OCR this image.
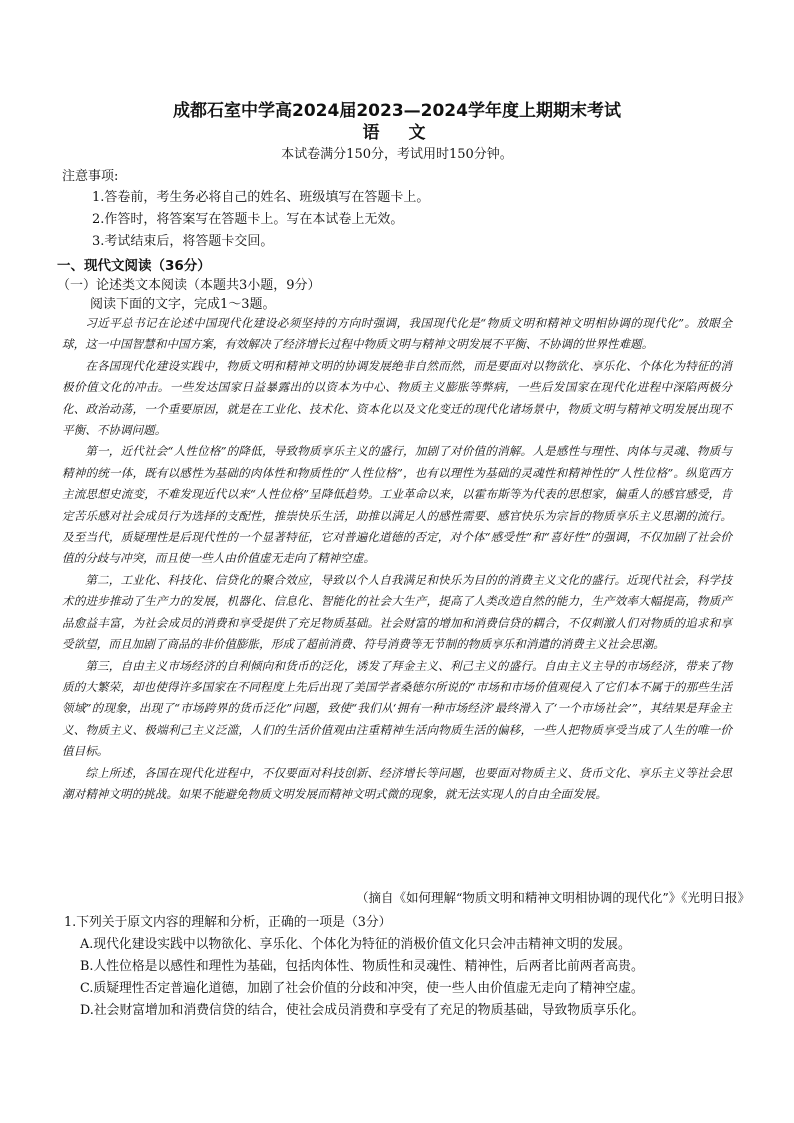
成都石室中学高2024届2023—2024学年度上期期末考试
语　文
本试卷满分150分，考试用时150分钟。
注意事项:
1.答卷前，考生务必将自己的姓名、班级填写在答题卡上。
2.作答时，将答案写在答题卡上。写在本试卷上无效。
3.考试结束后，将答题卡交回。
一、现代文阅读（36分）
（一）论述类文本阅读（本题共3小题，9分）
阅读下面的文字，完成1～3题。

习近平总书记在论述中国现代化建设必须坚持的方向时强调，我国现代化是“物质文明和精神文明相协调的现代化”。放眼全球，这一中国智慧和中国方案，有效解决了经济增长过程中物质文明与精神文明发展不平衡、不协调的世界性难题。

在各国现代化建设实践中，物质文明和精神文明的协调发展绝非自然而然，而是要面对以物欲化、享乐化、个体化为特征的消极价值文化的冲击。一些发达国家日益暴露出的以资本为中心、物质主义膨胀等弊病，一些后发国家在现代化进程中深陷两极分化、政治动荡，一个重要原因，就是在工业化、技术化、资本化以及文化变迁的现代化诸场景中，物质文明与精神文明发展出现不平衡、不协调问题。

第一，近代社会“人性位格”的降低，导致物质享乐主义的盛行，加剧了对价值的消解。人是感性与理性、肉体与灵魂、物质与精神的统一体，既有以感性为基础的肉体性和物质性的“人性位格”，也有以理性为基础的灵魂性和精神性的“人性位格”。纵览西方主流思想史流变，不难发现近代以来“人性位格”呈降低趋势。工业革命以来，以霍布斯等为代表的思想家，偏重人的感官感受，肯定苦乐感对社会成员行为选择的支配性，推崇快乐生活，助推以满足人的感性需要、感官快乐为宗旨的物质享乐主义思潮的流行。及至当代，质疑理性是后现代性的一个显著特征，它对普遍化道德的否定，对个体“感受性”和“喜好性”的强调，不仅加剧了社会价值的分歧与冲突，而且使一些人由价值虚无走向了精神空虚。

第二，工业化、科技化、信贷化的聚合效应，导致以个人自我满足和快乐为目的的消费主义文化的盛行。近现代社会，科学技术的进步推动了生产力的发展，机器化、信息化、智能化的社会大生产，提高了人类改造自然的能力，生产效率大幅提高，物质产品愈益丰富，为社会成员的消费和享受提供了充足物质基础。社会财富的增加和消费信贷的耦合，不仅刺激人们对物质的追求和享受欲望，而且加剧了商品的非价值膨胀，形成了超前消费、符号消费等无节制的物质享乐和消遣的消费主义社会思潮。

第三，自由主义市场经济的自利倾向和货币的泛化，诱发了拜金主义、利己主义的盛行。自由主义主导的市场经济，带来了物质的大繁荣，却也使得许多国家在不同程度上先后出现了美国学者桑德尔所说的“市场和市场价值观侵入了它们本不属于的那些生活领域”的现象，出现了“市场跨界的货币泛化”问题，致使“我们从‘拥有一种市场经济’最终滑入了‘一个市场社会’”，其结果是拜金主义、物质主义、极端利己主义泛滥，人们的生活价值观由注重精神生活向物质生活的偏移，一些人把物质享受当成了人生的唯一价值目标。

综上所述，各国在现代化进程中，不仅要面对科技创新、经济增长等问题，也要面对物质主义、货币文化、享乐主义等社会思潮对精神文明的挑战。如果不能避免物质文明发展而精神文明式微的现象，就无法实现人的自由全面发展。

（摘自《如何理解“物质文明和精神文明相协调的现代化”》《光明日报》
1.下列关于原文内容的理解和分析，正确的一项是（3分）
A.现代化建设实践中以物欲化、享乐化、个体化为特征的消极价值文化只会冲击精神文明的发展。
B.人性位格是以感性和理性为基础，包括肉体性、物质性和灵魂性、精神性，后两者比前两者高贵。
C.质疑理性否定普遍化道德，加剧了社会价值的分歧和冲突，使一些人由价值虚无走向了精神空虚。
D.社会财富增加和消费信贷的结合，使社会成员消费和享受有了充足的物质基础，导致物质享乐化。
